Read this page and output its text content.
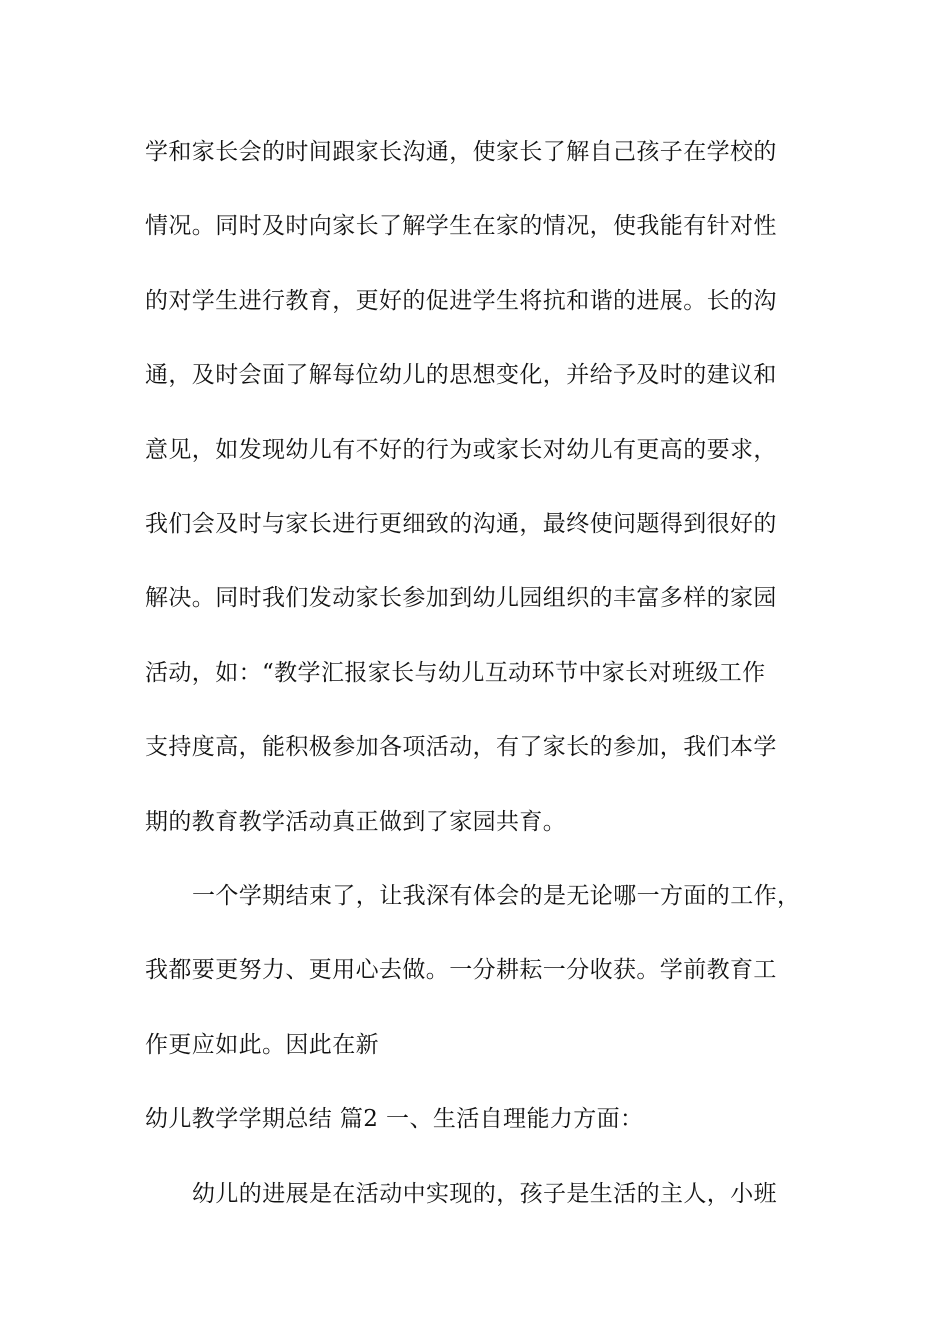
学和家长会的时间跟家长沟通，使家长了解自己孩子在学校的
情况。同时及时向家长了解学生在家的情况，使我能有针对性
的对学生进行教育，更好的促进学生将抗和谐的进展。长的沟
通，及时会面了解每位幼儿的思想变化，并给予及时的建议和
意见，如发现幼儿有不好的行为或家长对幼儿有更高的要求，
我们会及时与家长进行更细致的沟通，最终使问题得到很好的
解决。同时我们发动家长参加到幼儿园组织的丰富多样的家园
活动，如：“教学汇报家长与幼儿互动环节中家长对班级工作
支持度高，能积极参加各项活动，有了家长的参加，我们本学
期的教育教学活动真正做到了家园共育。
一个学期结束了，让我深有体会的是无论哪一方面的工作，
我都要更努力、更用心去做。一分耕耘一分收获。学前教育工
作更应如此。因此在新
幼儿教学学期总结 篇2 一、生活自理能力方面：
幼儿的进展是在活动中实现的，孩子是生活的主人，小班
